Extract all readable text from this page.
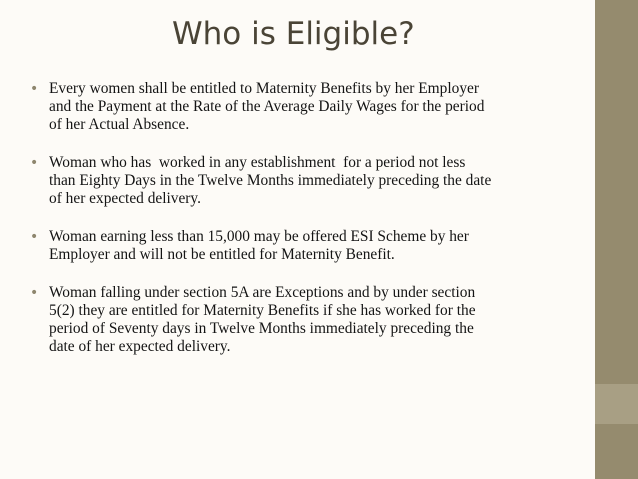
Who is Eligible?
• Every women shall be entitled to Maternity Benefits by her Employer
and the Payment at the Rate of the Average Daily Wages for the period
of her Actual Absence.
• Woman who has  worked in any establishment  for a period not less
than Eighty Days in the Twelve Months immediately preceding the date
of her expected delivery.
• Woman earning less than 15,000 may be offered ESI Scheme by her
Employer and will not be entitled for Maternity Benefit.
• Woman falling under section 5A are Exceptions and by under section
5(2) they are entitled for Maternity Benefits if she has worked for the
period of Seventy days in Twelve Months immediately preceding the
date of her expected delivery.
